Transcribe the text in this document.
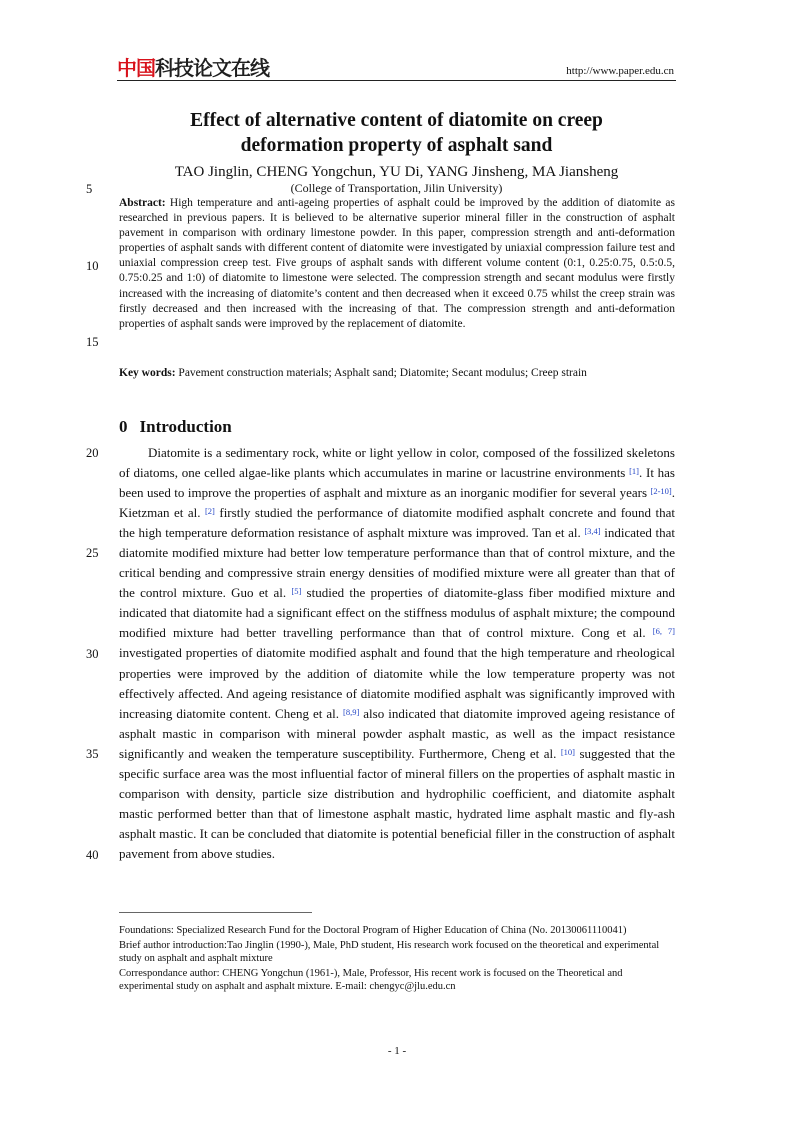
中国科技论文在线	http://www.paper.edu.cn
Effect of alternative content of diatomite on creep
deformation property of asphalt sand
TAO Jinglin, CHENG Yongchun, YU Di, YANG Jinsheng, MA Jiansheng
(College of Transportation, Jilin University)
5
10
15
20
25
30
35
40
Abstract: High temperature and anti-ageing properties of asphalt could be improved by the addition of diatomite as researched in previous papers. It is believed to be alternative superior mineral filler in the construction of asphalt pavement in comparison with ordinary limestone powder. In this paper, compression strength and anti-deformation properties of asphalt sands with different content of diatomite were investigated by uniaxial compression failure test and uniaxial compression creep test. Five groups of asphalt sands with different volume content (0:1, 0.25:0.75, 0.5:0.5, 0.75:0.25 and 1:0) of diatomite to limestone were selected. The compression strength and secant modulus were firstly increased with the increasing of diatomite’s content and then decreased when it exceed 0.75 whilst the creep strain was firstly decreased and then increased with the increasing of that. The compression strength and anti-deformation properties of asphalt sands were improved by the replacement of diatomite.
Key words: Pavement construction materials; Asphalt sand; Diatomite; Secant modulus; Creep strain
0 Introduction
Diatomite is a sedimentary rock, white or light yellow in color, composed of the fossilized skeletons of diatoms, one celled algae-like plants which accumulates in marine or lacustrine environments [1]. It has been used to improve the properties of asphalt and mixture as an inorganic modifier for several years [2-10]. Kietzman et al. [2] firstly studied the performance of diatomite modified asphalt concrete and found that the high temperature deformation resistance of asphalt mixture was improved. Tan et al. [3,4] indicated that diatomite modified mixture had better low temperature performance than that of control mixture, and the critical bending and compressive strain energy densities of modified mixture were all greater than that of the control mixture. Guo et al. [5] studied the properties of diatomite-glass fiber modified mixture and indicated that diatomite had a significant effect on the stiffness modulus of asphalt mixture; the compound modified mixture had better travelling performance than that of control mixture. Cong et al. [6, 7] investigated properties of diatomite modified asphalt and found that the high temperature and rheological properties were improved by the addition of diatomite while the low temperature property was not effectively affected. And ageing resistance of diatomite modified asphalt was significantly improved with increasing diatomite content. Cheng et al. [8,9] also indicated that diatomite improved ageing resistance of asphalt mastic in comparison with mineral powder asphalt mastic, as well as the impact resistance significantly and weaken the temperature susceptibility. Furthermore, Cheng et al. [10] suggested that the specific surface area was the most influential factor of mineral fillers on the properties of asphalt mastic in comparison with density, particle size distribution and hydrophilic coefficient, and diatomite asphalt mastic performed better than that of limestone asphalt mastic, hydrated lime asphalt mastic and fly-ash asphalt mastic. It can be concluded that diatomite is potential beneficial filler in the construction of asphalt pavement from above studies.

Foundations: Specialized Research Fund for the Doctoral Program of Higher Education of China (No. 20130061110041)

Brief author introduction:Tao Jinglin (1990-), Male, PhD student, His research work focused on the theoretical and experimental study on asphalt and asphalt mixture

Correspondance author: CHENG Yongchun (1961-), Male, Professor, His recent work is focused on the Theoretical and experimental study on asphalt and asphalt mixture. E-mail: chengyc@jlu.edu.cn

- 1 -
